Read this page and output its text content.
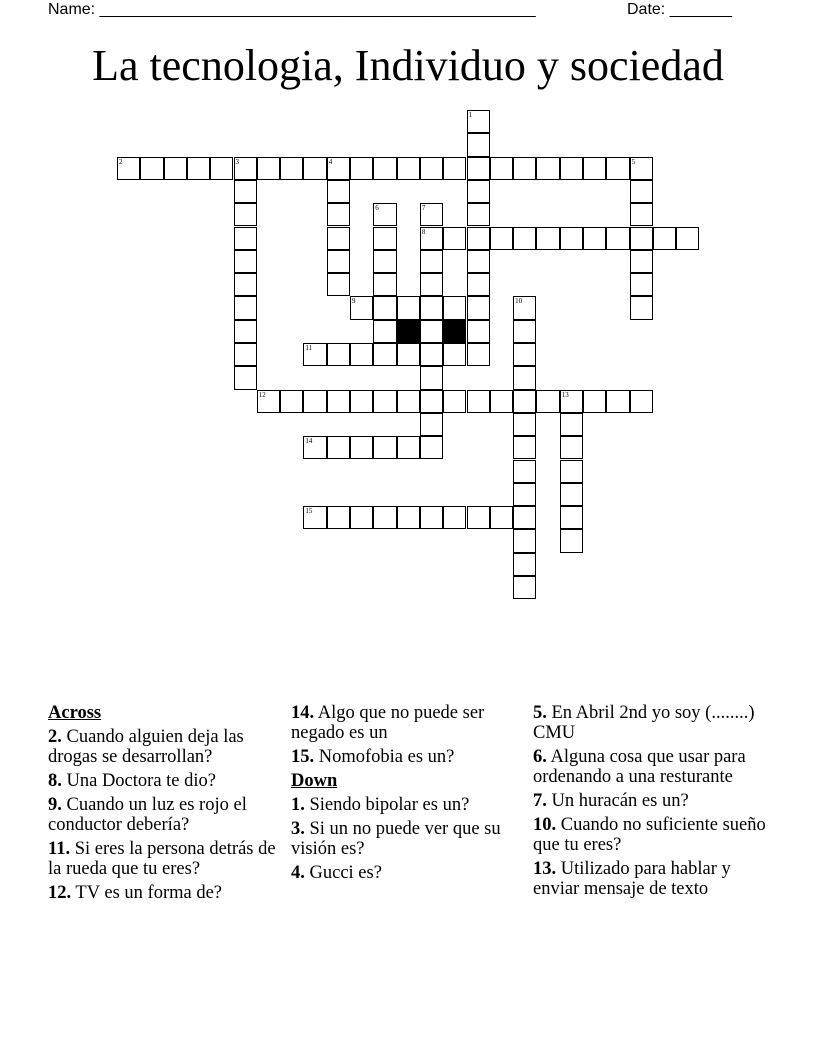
Name: _________________________________________________	Date: _______
La tecnologia, Individuo y sociedad
1
2	3	4	5
6	7
8
9	10
11
12	13
14
15
Across
2. Cuando alguien deja las drogas se desarrollan?
8. Una Doctora te dio?
9. Cuando un luz es rojo el conductor debería?
11. Si eres la persona detrás de la rueda que tu eres?
12. TV es un forma de?
14. Algo que no puede ser negado es un
15. Nomofobia es un?
Down
1. Siendo bipolar es un?
3. Si un no puede ver que su visión es?
4. Gucci es?
5. En Abril 2nd yo soy (........) CMU
6. Alguna cosa que usar para ordenando a una resturante
7. Un huracán es un?
10. Cuando no suficiente sueño que tu eres?
13. Utilizado para hablar y enviar mensaje de texto
